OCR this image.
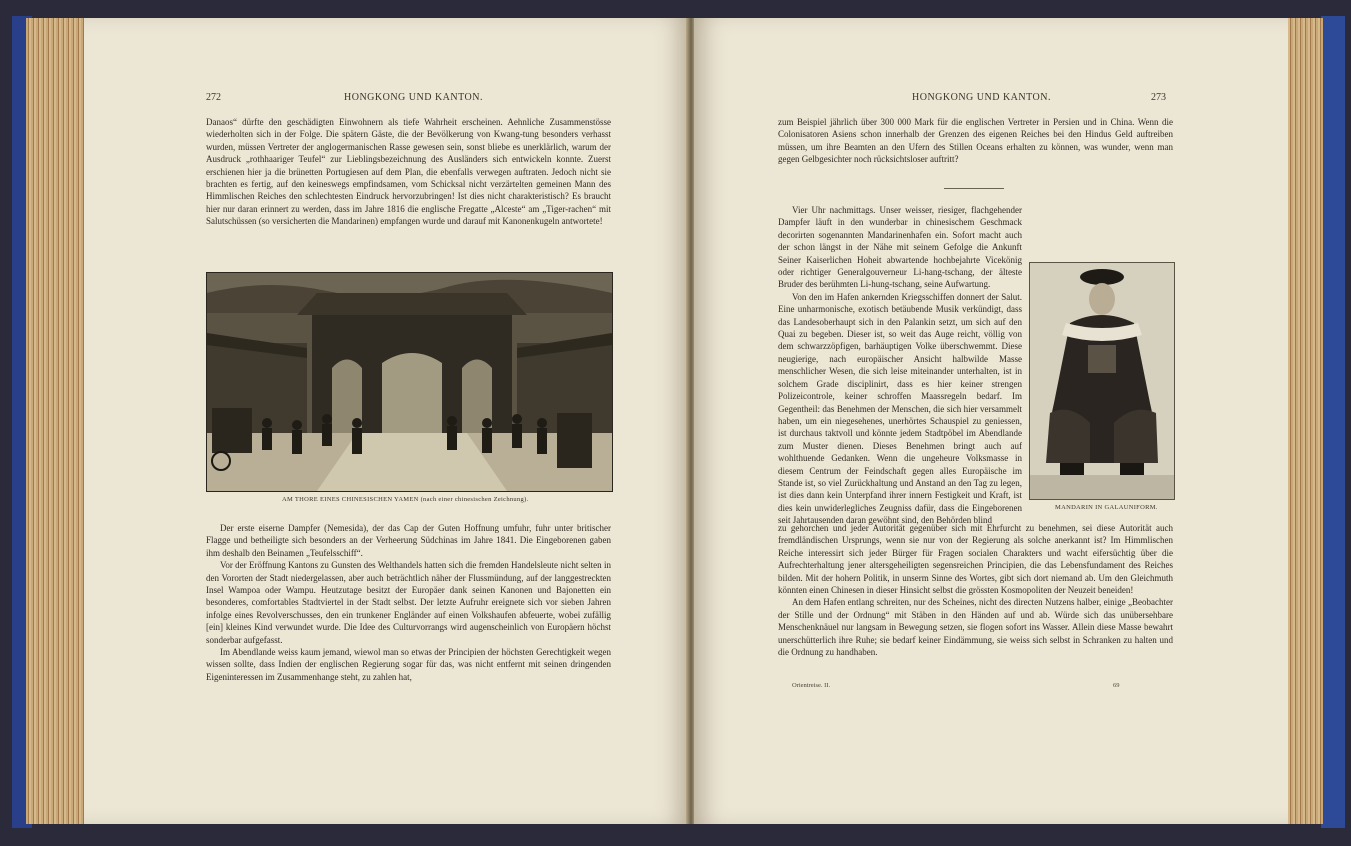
272	HONGKONG UND KANTON.

Danaos“ dürfte den geschädigten Einwohnern als tiefe Wahrheit erscheinen. Aehnliche Zusammenstösse wiederholten sich in der Folge. Die spätern Gäste, die der Bevölkerung von Kwang-tung besonders verhasst wurden, müssen Vertreter der anglogermanischen Rasse gewesen sein, sonst bliebe es unerklärlich, warum der Ausdruck „rothhaariger Teufel“ zur Lieblingsbezeichnung des Ausländers sich entwickeln konnte. Zuerst erschienen hier ja die brünetten Portugiesen auf dem Plan, die ebenfalls verwegen auftraten. Jedoch nicht sie brachten es fertig, auf den keineswegs empfindsamen, vom Schicksal nicht verzärtelten gemeinen Mann des Himmlischen Reiches den schlechtesten Eindruck hervorzubringen! Ist dies nicht charakteristisch? Es braucht hier nur daran erinnert zu werden, dass im Jahre 1816 die englische Fregatte „Alceste“ am „Tiger-rachen“ mit Salutschüssen (so versicherten die Mandarinen) empfangen wurde und darauf mit Kanonenkugeln antwortete!

AM THORE EINES CHINESISCHEN YAMEN (nach einer chinesischen Zeichnung).

Der erste eiserne Dampfer (Nemesida), der das Cap der Guten Hoffnung umfuhr, fuhr unter britischer Flagge und betheiligte sich besonders an der Verheerung Südchinas im Jahre 1841. Die Eingeborenen gaben ihm deshalb den Beinamen „Teufelsschiff“.

Vor der Eröffnung Kantons zu Gunsten des Welthandels hatten sich die fremden Handelsleute nicht selten in den Vororten der Stadt niedergelassen, aber auch beträchtlich näher der Flussmündung, auf der langgestreckten Insel Wampoa oder Wampu. Heutzutage besitzt der Europäer dank seinen Kanonen und Bajonetten ein besonderes, comfortables Stadtviertel in der Stadt selbst. Der letzte Aufruhr ereignete sich vor sieben Jahren infolge eines Revolverschusses, den ein trunkener Engländer auf einen Volkshaufen abfeuerte, wobei zufällig [ein] kleines Kind verwundet wurde. Die Idee des Culturvorrangs wird augenscheinlich von Europäern höchst sonderbar aufgefasst.

Im Abendlande weiss kaum jemand, wiewol man so etwas der Principien der höchsten Gerechtigkeit wegen wissen sollte, dass Indien der englischen Regierung sogar für das, was nicht entfernt mit seinen dringenden Eigeninteressen im Zusammenhange steht, zu zahlen hat,

HONGKONG UND KANTON.	273

zum Beispiel jährlich über 300 000 Mark für die englischen Vertreter in Persien und in China. Wenn die Colonisatoren Asiens schon innerhalb der Grenzen des eigenen Reiches bei den Hindus Geld auftreiben müssen, um ihre Beamten an den Ufern des Stillen Oceans erhalten zu können, was wunder, wenn man gegen Gelbgesichter noch rücksichtsloser auftritt?

Vier Uhr nachmittags. Unser weisser, riesiger, flachgehender Dampfer läuft in den wunderbar in chinesischem Geschmack decorirten sogenannten Mandarinenhafen ein. Sofort macht auch der schon längst in der Nähe mit seinem Gefolge die Ankunft Seiner Kaiserlichen Hoheit abwartende hochbejahrte Vicekönig oder richtiger Generalgouverneur Li-hang-tschang, der älteste Bruder des berühmten Li-hung-tschang, seine Aufwartung.

Von den im Hafen ankernden Kriegsschiffen donnert der Salut. Eine unharmonische, exotisch betäubende Musik verkündigt, dass das Landesoberhaupt sich in den Palankin setzt, um sich auf den Quai zu begeben. Dieser ist, so weit das Auge reicht, völlig von dem schwarzzöpfigen, barhäuptigen Volke überschwemmt. Diese neugierige, nach europäischer Ansicht halbwilde Masse menschlicher Wesen, die sich leise miteinander unterhalten, ist in solchem Grade disciplinirt, dass es hier keiner strengen Polizeicontrole, keiner schroffen Maassregeln bedarf. Im Gegentheil: das Benehmen der Menschen, die sich hier versammelt haben, um ein niegesehenes, unerhörtes Schauspiel zu geniessen, ist durchaus taktvoll und könnte jedem Stadtpöbel im Abendlande zum Muster dienen. Dieses Benehmen bringt auch auf wohlthuende Gedanken. Wenn die ungeheure Volksmasse in diesem Centrum der Feindschaft gegen alles Europäische im Stande ist, so viel Zurückhaltung und Anstand an den Tag zu legen, ist dies dann kein Unterpfand ihrer innern Festigkeit und Kraft, ist dies kein unwiderlegliches Zeugniss dafür, dass die Eingeborenen seit Jahrtausenden daran gewöhnt sind, den Behörden blind

MANDARIN IN GALAUNIFORM.

zu gehorchen und jeder Autorität gegenüber sich mit Ehrfurcht zu benehmen, sei diese Autorität auch fremdländischen Ursprungs, wenn sie nur von der Regierung als solche anerkannt ist? Im Himmlischen Reiche interessirt sich jeder Bürger für Fragen socialen Charakters und wacht eifersüchtig über die Aufrechterhaltung jener altersgeheiligten segensreichen Principien, die das Lebensfundament des Reiches bilden. Mit der hohern Politik, in unserm Sinne des Wortes, gibt sich dort niemand ab. Um den Gleichmuth könnten einen Chinesen in dieser Hinsicht selbst die grössten Kosmopoliten der Neuzeit beneiden!

An dem Hafen entlang schreiten, nur des Scheines, nicht des directen Nutzens halber, einige „Beobachter der Stille und der Ordnung“ mit Stäben in den Händen auf und ab. Würde sich das unübersehbare Menschenknäuel nur langsam in Bewegung setzen, sie flogen sofort ins Wasser. Allein diese Masse bewahrt unerschütterlich ihre Ruhe; sie bedarf keiner Eindämmung, sie weiss sich selbst in Schranken zu halten und die Ordnung zu handhaben.

Orientreise. II.	69
